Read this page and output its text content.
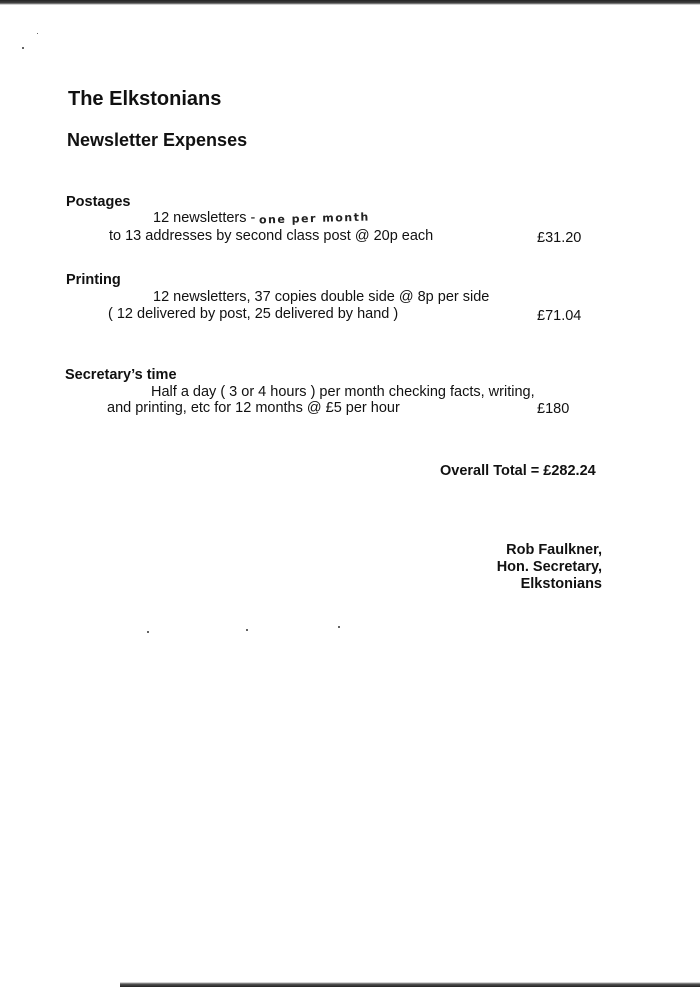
The Elkstonians
Newsletter Expenses
Postages
12 newsletters - one per month
to 13 addresses by second class post @ 20p each	£31.20
Printing
12 newsletters, 37 copies double side @ 8p per side
( 12 delivered by post, 25 delivered by hand )	£71.04
Secretary’s time
Half a day ( 3 or 4 hours ) per month checking facts, writing,
and printing, etc for 12 months @ £5 per hour	£180
Overall Total = £282.24
Rob Faulkner,
Hon. Secretary,
Elkstonians
